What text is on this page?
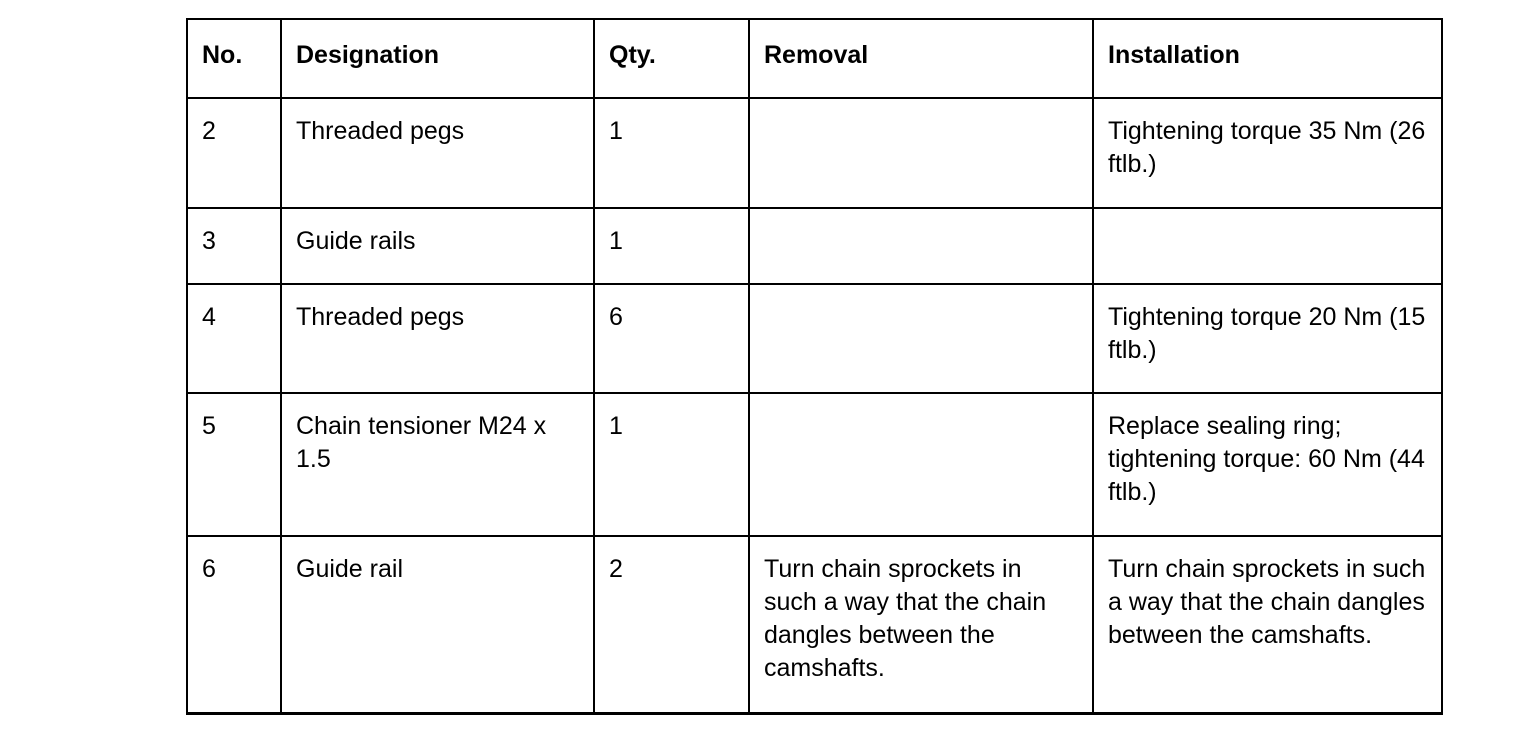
No.	Designation	Qty.	Removal	Installation
2	Threaded pegs	1		Tightening torque 35 Nm (26 ftlb.)
3	Guide rails	1		
4	Threaded pegs	6		Tightening torque 20 Nm (15 ftlb.)
5	Chain tensioner M24 x 1.5	1		Replace sealing ring; tightening torque: 60 Nm (44 ftlb.)
6	Guide rail	2	Turn chain sprockets in such a way that the chain dangles between the camshafts.	Turn chain sprockets in such a way that the chain dangles between the camshafts.
